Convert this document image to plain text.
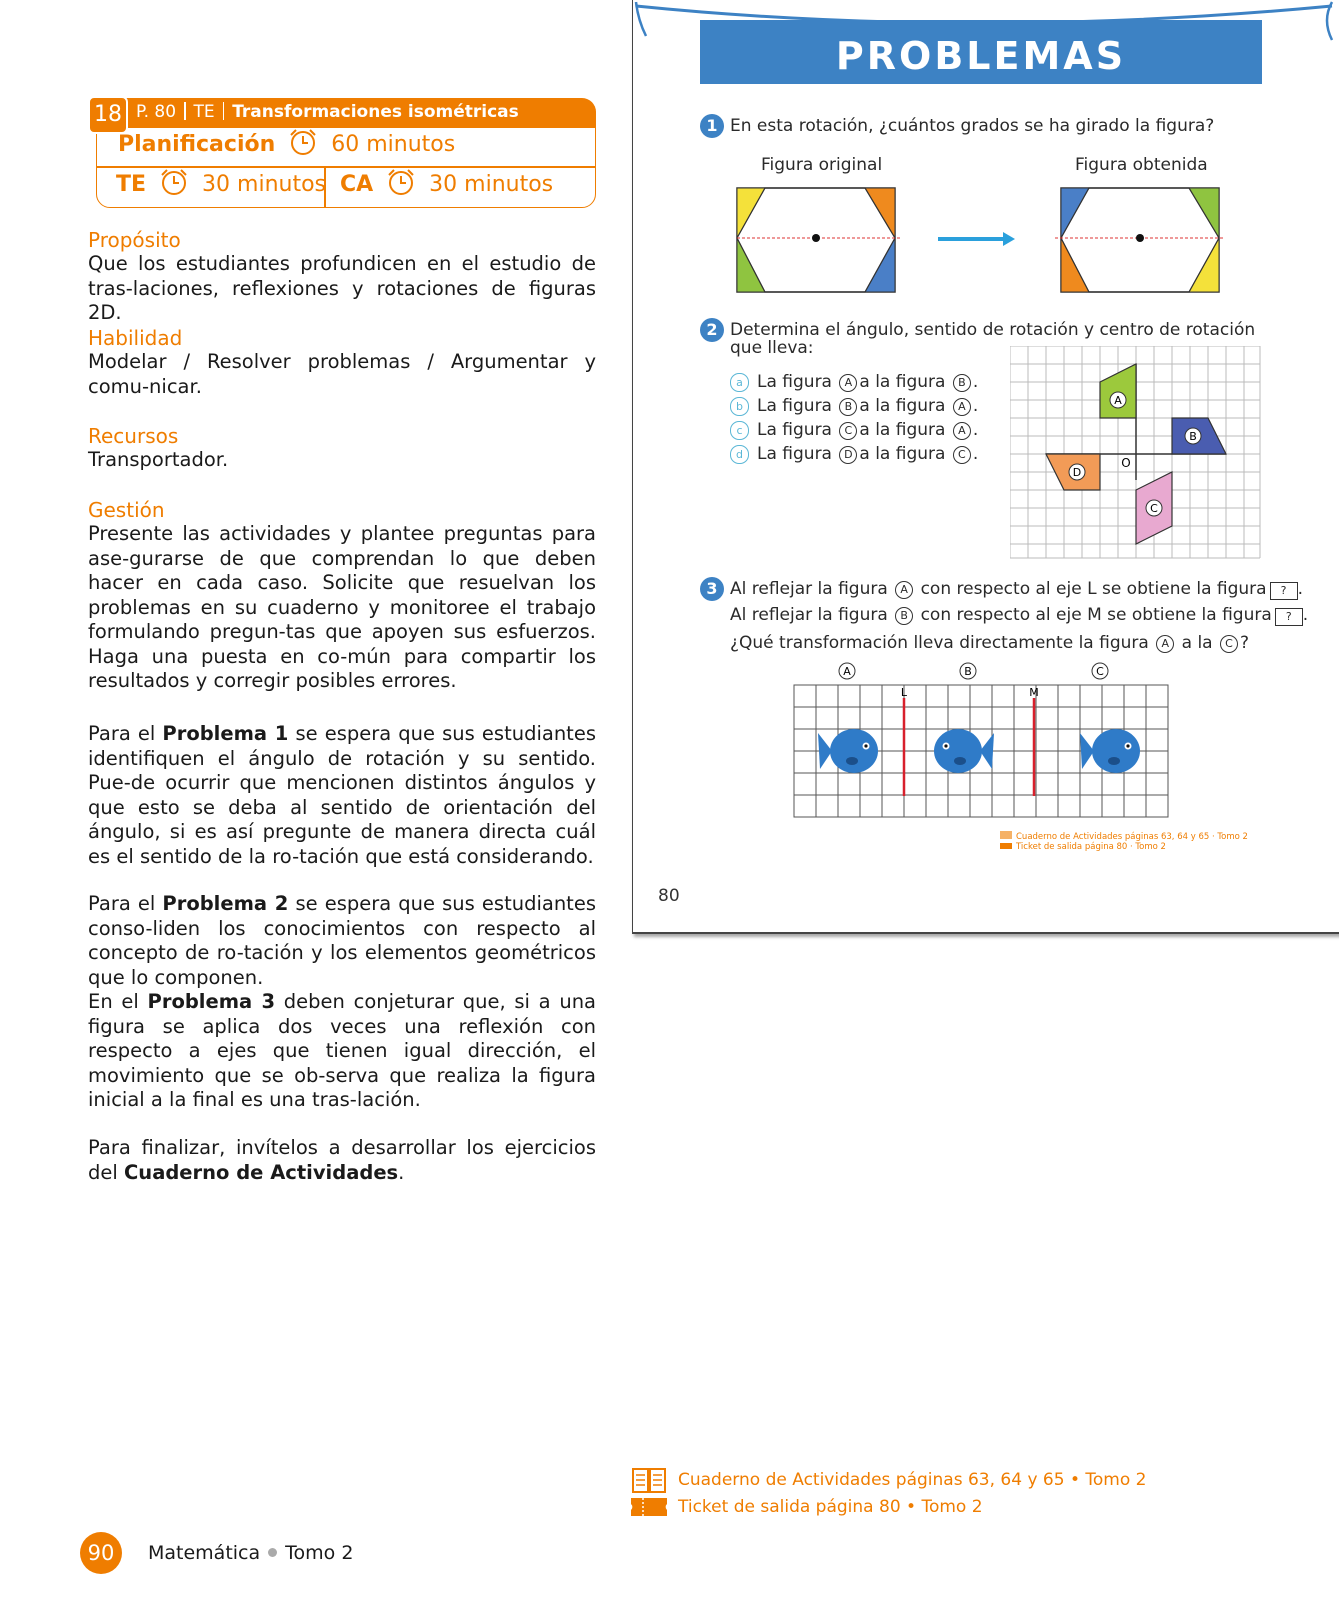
18 P. 80 TE Transformaciones isométricas
Planificación	60 minutos
TE	30 minutos CA	30 minutos
Propósito
Que los estudiantes profundicen en el estudio de tras-laciones, reflexiones y rotaciones de figuras 2D.
Habilidad
Modelar / Resolver problemas / Argumentar y comu-nicar.
Recursos
Transportador.
Gestión
Presente las actividades y plantee preguntas para ase-gurarse de que comprendan lo que deben hacer en cada caso. Solicite que resuelvan los problemas en su cuaderno y monitoree el trabajo formulando pregun-tas que apoyen sus esfuerzos. Haga una puesta en co-mún para compartir los resultados y corregir posibles errores.
Para el Problema 1 se espera que sus estudiantes identifiquen el ángulo de rotación y su sentido. Pue-de ocurrir que mencionen distintos ángulos y que esto se deba al sentido de orientación del ángulo, si es así pregunte de manera directa cuál es el sentido de la ro-tación que está considerando.
Para el Problema 2 se espera que sus estudiantes conso-liden los conocimientos con respecto al concepto de ro-tación y los elementos geométricos que lo componen.
En el Problema 3 deben conjeturar que, si a una figura se aplica dos veces una reflexión con respecto a ejes que tienen igual dirección, el movimiento que se ob-serva que realiza la figura inicial a la final es una tras-lación.
Para finalizar, invítelos a desarrollar los ejercicios del Cuaderno de Actividades.
PROBLEMAS
1 En esta rotación, ¿cuántos grados se ha girado la figura?
Figura original	Figura obtenida
2 Determina el ángulo, sentido de rotación y centro de rotación
que lleva:
a La figura A a la figura B .
b La figura B a la figura A .
c La figura C a la figura A .
d La figura D a la figura C .
A
B
C
D
O
3 Al reflejar la figura A con respecto al eje L se obtiene la figura ? .
Al reflejar la figura B con respecto al eje M se obtiene la figura ? .
¿Qué transformación lleva directamente la figura A a la C ?
A	B	C
L	M
Cuaderno de Actividades páginas 63, 64 y 65 · Tomo 2
Ticket de salida página 80 · Tomo 2
80
Cuaderno de Actividades páginas 63, 64 y 65 • Tomo 2
Ticket de salida página 80 • Tomo 2
90	Matemática Tomo 2
